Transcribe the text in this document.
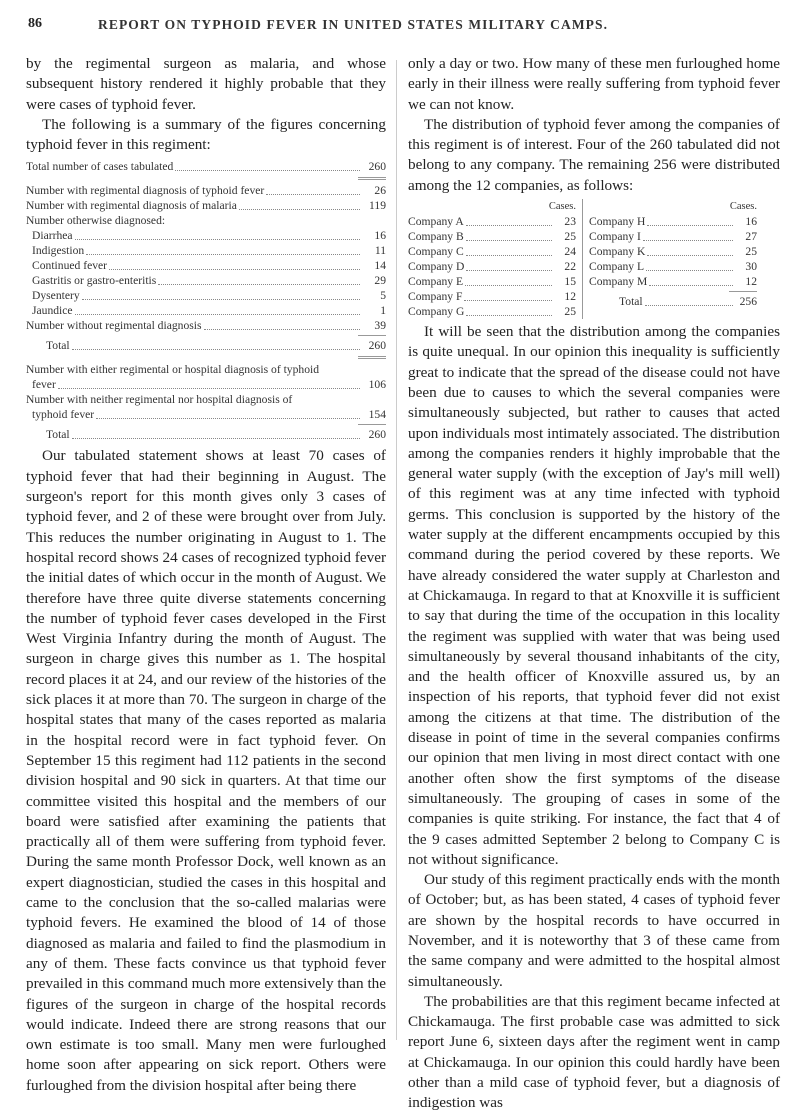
86	REPORT ON TYPHOID FEVER IN UNITED STATES MILITARY CAMPS.

by the regimental surgeon as malaria, and whose subsequent history rendered it highly probable that they were cases of typhoid fever.

The following is a summary of the figures concerning typhoid fever in this regiment:

Total number of cases tabulated	260
Number with regimental diagnosis of typhoid fever	26
Number with regimental diagnosis of malaria	119
Number otherwise diagnosed:
Diarrhea	16
Indigestion	11
Continued fever	14
Gastritis or gastro-enteritis	29
Dysentery	5
Jaundice	1
Number without regimental diagnosis	39
Total	260
Number with either regimental or hospital diagnosis of typhoid
fever	106
Number with neither regimental nor hospital diagnosis of
typhoid fever	154
Total	260

Our tabulated statement shows at least 70 cases of typhoid fever that had their beginning in August. The surgeon's report for this month gives only 3 cases of typhoid fever, and 2 of these were brought over from July. This reduces the number originating in August to 1. The hospital record shows 24 cases of recognized typhoid fever the initial dates of which occur in the month of August. We therefore have three quite diverse statements concerning the number of typhoid fever cases developed in the First West Virginia Infantry during the month of August. The surgeon in charge gives this number as 1. The hospital record places it at 24, and our review of the histories of the sick places it at more than 70. The surgeon in charge of the hospital states that many of the cases reported as malaria in the hospital record were in fact typhoid fever. On September 15 this regiment had 112 patients in the second division hospital and 90 sick in quarters. At that time our committee visited this hospital and the members of our board were satisfied after examining the patients that practically all of them were suffering from typhoid fever. During the same month Professor Dock, well known as an expert diagnostician, studied the cases in this hospital and came to the conclusion that the so-called malarias were typhoid fevers. He examined the blood of 14 of those diagnosed as malaria and failed to find the plasmodium in any of them. These facts convince us that typhoid fever prevailed in this command much more extensively than the figures of the surgeon in charge of the hospital records would indicate. Indeed there are strong reasons that our own estimate is too small. Many men were furloughed home soon after appearing on sick report. Others were furloughed from the division hospital after being there

only a day or two. How many of these men furloughed home early in their illness were really suffering from typhoid fever we can not know.

The distribution of typhoid fever among the companies of this regiment is of interest. Four of the 260 tabulated did not belong to any company. The remaining 256 were distributed among the 12 companies, as follows:

Cases.
Company A	23
Company B	25
Company C	24
Company D	22
Company E	15
Company F	12
Company G	25
Cases.
Company H	16
Company I	27
Company K	25
Company L	30
Company M	12
Total	256

It will be seen that the distribution among the companies is quite unequal. In our opinion this inequality is sufficiently great to indicate that the spread of the disease could not have been due to causes to which the several companies were simultaneously subjected, but rather to causes that acted upon individuals most intimately associated. The distribution among the companies renders it highly improbable that the general water supply (with the exception of Jay's mill well) of this regiment was at any time infected with typhoid germs. This conclusion is supported by the history of the water supply at the different encampments occupied by this command during the period covered by these reports. We have already considered the water supply at Charleston and at Chickamauga. In regard to that at Knoxville it is sufficient to say that during the time of the occupation in this locality the regiment was supplied with water that was being used simultaneously by several thousand inhabitants of the city, and the health officer of Knoxville assured us, by an inspection of his reports, that typhoid fever did not exist among the citizens at that time. The distribution of the disease in point of time in the several companies confirms our opinion that men living in most direct contact with one another often show the first symptoms of the disease simultaneously. The grouping of cases in some of the companies is quite striking. For instance, the fact that 4 of the 9 cases admitted September 2 belong to Company C is not without significance.

Our study of this regiment practically ends with the month of October; but, as has been stated, 4 cases of typhoid fever are shown by the hospital records to have occurred in November, and it is noteworthy that 3 of these came from the same company and were admitted to the hospital almost simultaneously.

The probabilities are that this regiment became infected at Chickamauga. The first probable case was admitted to sick report June 6, sixteen days after the regiment went in camp at Chickamauga. In our opinion this could hardly have been other than a mild case of typhoid fever, but a diagnosis of indigestion was
